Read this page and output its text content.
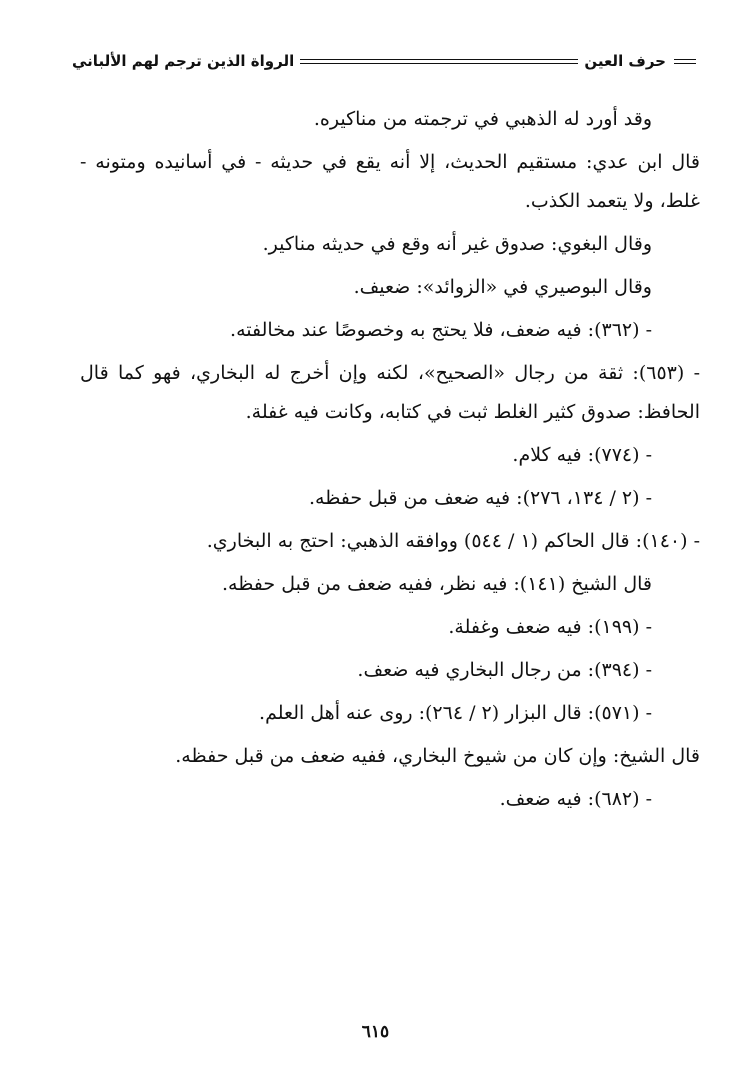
حرف العين
الرواة الذين ترجم لهم الألباني

وقد أورد له الذهبي في ترجمته من مناكيره.

قال ابن عدي: مستقيم الحديث، إلا أنه يقع في حديثه - في أسانيده ومتونه - غلط، ولا يتعمد الكذب.

وقال البغوي: صدوق غير أنه وقع في حديثه مناكير.

وقال البوصيري في «الزوائد»: ضعيف.

- (٣٦٢): فيه ضعف، فلا يحتج به وخصوصًا عند مخالفته.

- (٦٥٣): ثقة من رجال «الصحيح»، لكنه وإن أخرج له البخاري، فهو كما قال الحافظ: صدوق كثير الغلط ثبت في كتابه، وكانت فيه غفلة.

- (٧٧٤): فيه كلام.

- (٢ / ١٣٤، ٢٧٦): فيه ضعف من قبل حفظه.

- (١٤٠): قال الحاكم (١ / ٥٤٤) ووافقه الذهبي: احتج به البخاري.

قال الشيخ (١٤١): فيه نظر، ففيه ضعف من قبل حفظه.

- (١٩٩): فيه ضعف وغفلة.

- (٣٩٤): من رجال البخاري فيه ضعف.

- (٥٧١): قال البزار (٢ / ٢٦٤): روى عنه أهل العلم.

قال الشيخ: وإن كان من شيوخ البخاري، ففيه ضعف من قبل حفظه.

- (٦٨٢): فيه ضعف.

٦١٥
